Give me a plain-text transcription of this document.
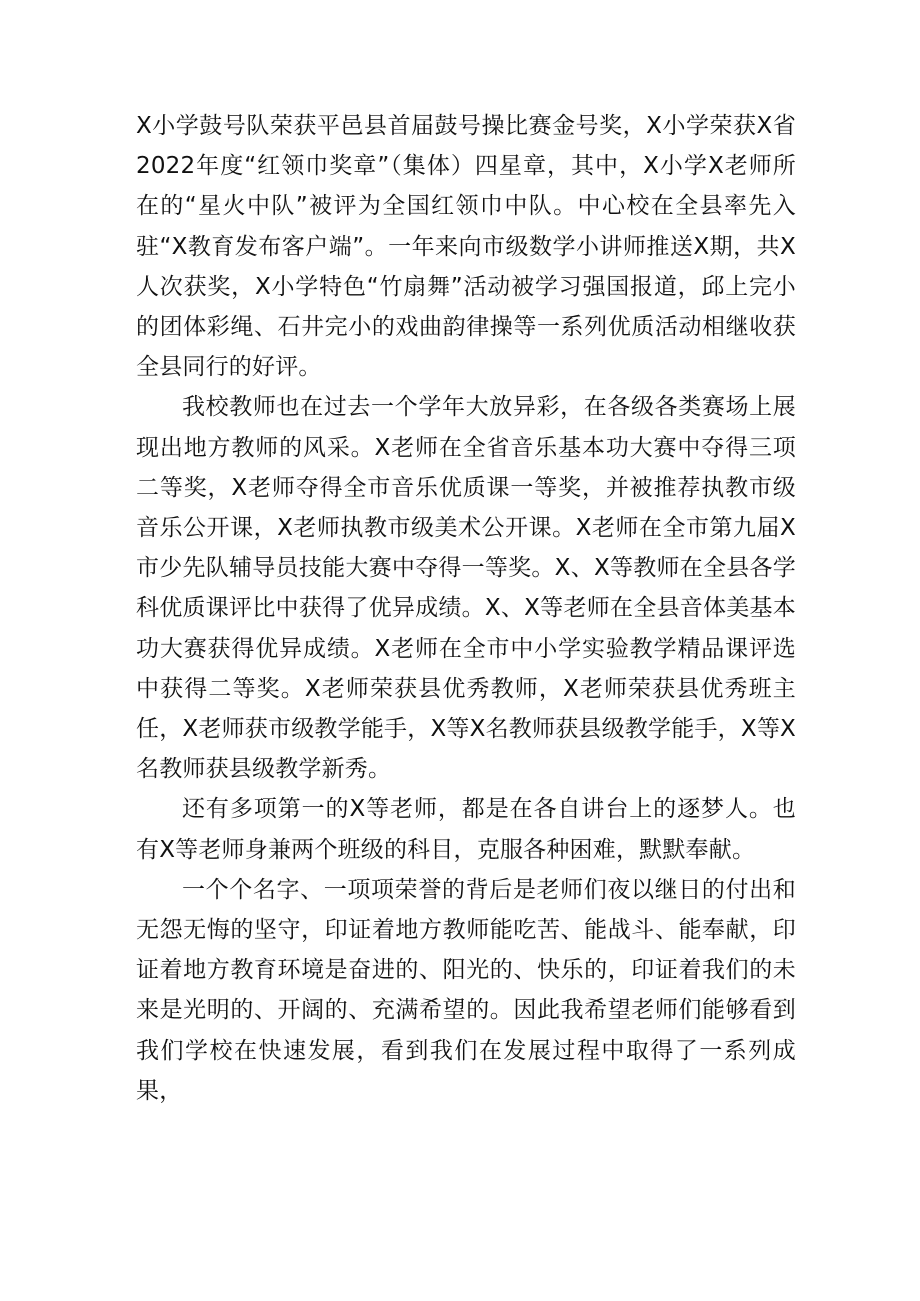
X小学鼓号队荣获平邑县首届鼓号操比赛金号奖，X小学荣获X省2022年度“红领巾奖章”（集体）四星章，其中，X小学X老师所在的“星火中队”被评为全国红领巾中队。中心校在全县率先入驻“X教育发布客户端”。一年来向市级数学小讲师推送X期，共X人次获奖，X小学特色“竹扇舞”活动被学习强国报道，邱上完小的团体彩绳、石井完小的戏曲韵律操等一系列优质活动相继收获全县同行的好评。

我校教师也在过去一个学年大放异彩，在各级各类赛场上展现出地方教师的风采。X老师在全省音乐基本功大赛中夺得三项二等奖，X老师夺得全市音乐优质课一等奖，并被推荐执教市级音乐公开课，X老师执教市级美术公开课。X老师在全市第九届X市少先队辅导员技能大赛中夺得一等奖。X、X等教师在全县各学科优质课评比中获得了优异成绩。X、X等老师在全县音体美基本功大赛获得优异成绩。X老师在全市中小学实验教学精品课评选中获得二等奖。X老师荣获县优秀教师，X老师荣获县优秀班主任，X老师获市级教学能手，X等X名教师获县级教学能手，X等X名教师获县级教学新秀。

还有多项第一的X等老师，都是在各自讲台上的逐梦人。也有X等老师身兼两个班级的科目，克服各种困难，默默奉献。

一个个名字、一项项荣誉的背后是老师们夜以继日的付出和无怨无悔的坚守，印证着地方教师能吃苦、能战斗、能奉献，印证着地方教育环境是奋进的、阳光的、快乐的，印证着我们的未来是光明的、开阔的、充满希望的。因此我希望老师们能够看到我们学校在快速发展，看到我们在发展过程中取得了一系列成果，
